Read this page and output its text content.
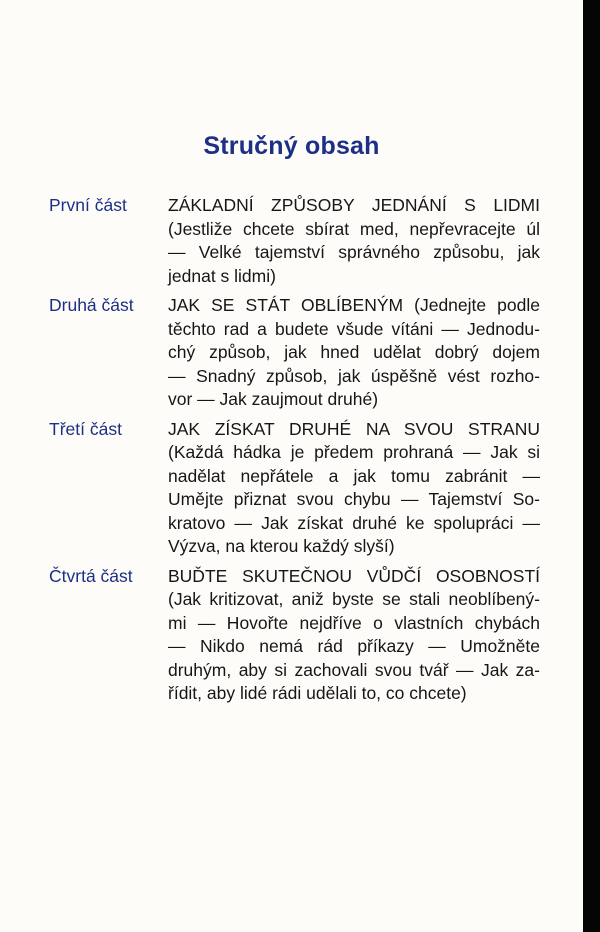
Stručný obsah
První část	ZÁKLADNÍ ZPŮSOBY JEDNÁNÍ S LIDMI
(Jestliže chcete sbírat med, nepřevracejte úl
— Velké tajemství správného způsobu, jak
jednat s lidmi)
Druhá část	JAK SE STÁT OBLÍBENÝM (Jednejte podle
těchto rad a budete všude vítáni — Jednodu-
chý způsob, jak hned udělat dobrý dojem
— Snadný způsob, jak úspěšně vést rozho-
vor — Jak zaujmout druhé)
Třetí část	JAK ZÍSKAT DRUHÉ NA SVOU STRANU
(Každá hádka je předem prohraná — Jak si
nadělat nepřátele a jak tomu zabránit —
Umějte přiznat svou chybu — Tajemství So-
kratovo — Jak získat druhé ke spolupráci —
Výzva, na kterou každý slyší)
Čtvrtá část	BUĎTE SKUTEČNOU VŮDČÍ OSOBNOSTÍ
(Jak kritizovat, aniž byste se stali neoblíbený-
mi — Hovořte nejdříve o vlastních chybách
— Nikdo nemá rád příkazy — Umožněte
druhým, aby si zachovali svou tvář — Jak za-
řídit, aby lidé rádi udělali to, co chcete)
